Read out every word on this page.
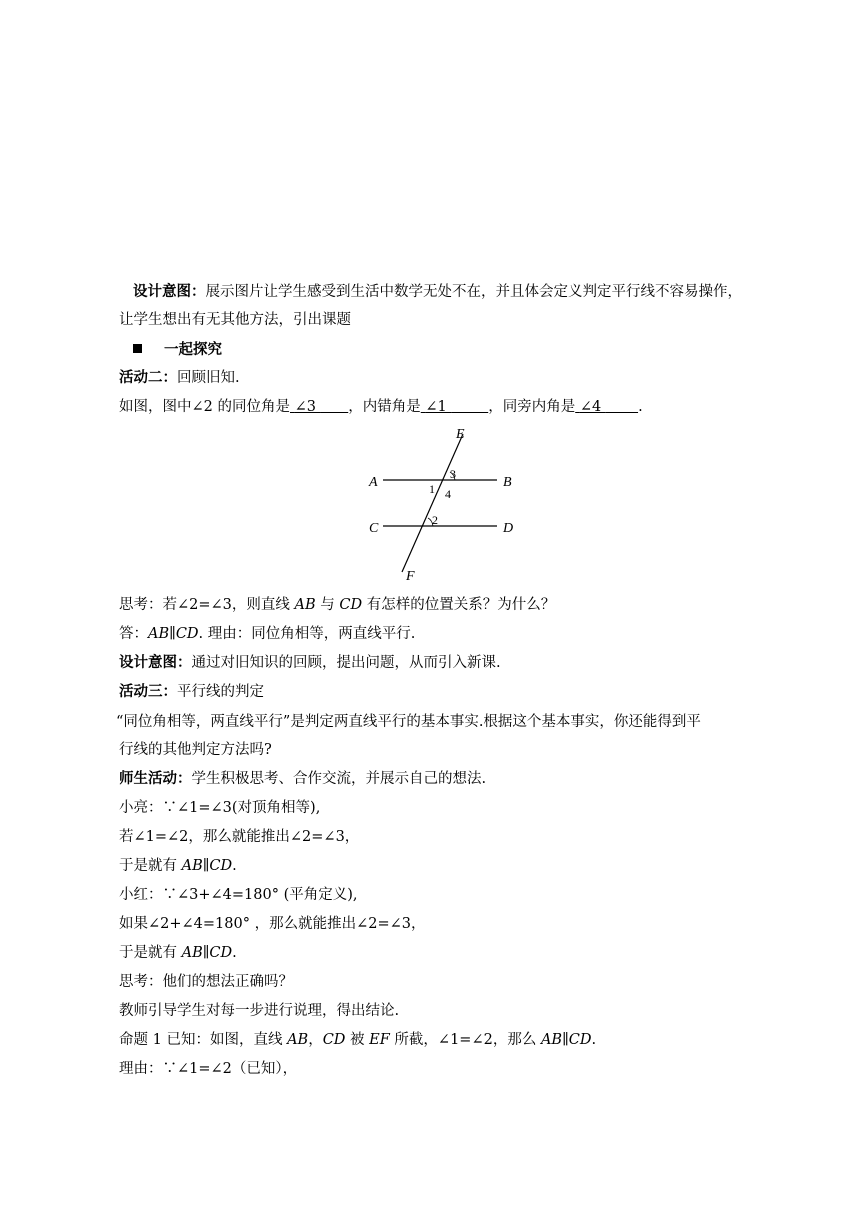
设计意图：展示图片让学生感受到生活中数学无处不在，并且体会定义判定平行线不容易操作，
让学生想出有无其他方法，引出课题
一起探究
活动二：回顾旧知.
如图，图中∠2 的同位角是 ∠3       ，内错角是 ∠1	，同旁内角是 ∠4        .
E
A	B
C	D
F
3
1 4
2
思考：若∠2=∠3，则直线 AB 与 CD 有怎样的位置关系？为什么？
答：AB∥CD. 理由：同位角相等，两直线平行.
设计意图：通过对旧知识的回顾，提出问题，从而引入新课.
活动三：平行线的判定
“同位角相等，两直线平行”是判定两直线平行的基本事实.根据这个基本事实，你还能得到平
行线的其他判定方法吗?
师生活动：学生积极思考、合作交流，并展示自己的想法.
小亮：∵∠1=∠3(对顶角相等),
若∠1=∠2，那么就能推出∠2=∠3，
于是就有 AB∥CD.
小红：∵∠3+∠4=180° (平角定义),
如果∠2+∠4=180° ，那么就能推出∠2=∠3，
于是就有 AB∥CD.
思考：他们的想法正确吗？
教师引导学生对每一步进行说理，得出结论.
命题 1 已知：如图，直线 AB，CD 被 EF 所截，∠1=∠2，那么 AB∥CD.
理由：∵∠1=∠2（已知），
